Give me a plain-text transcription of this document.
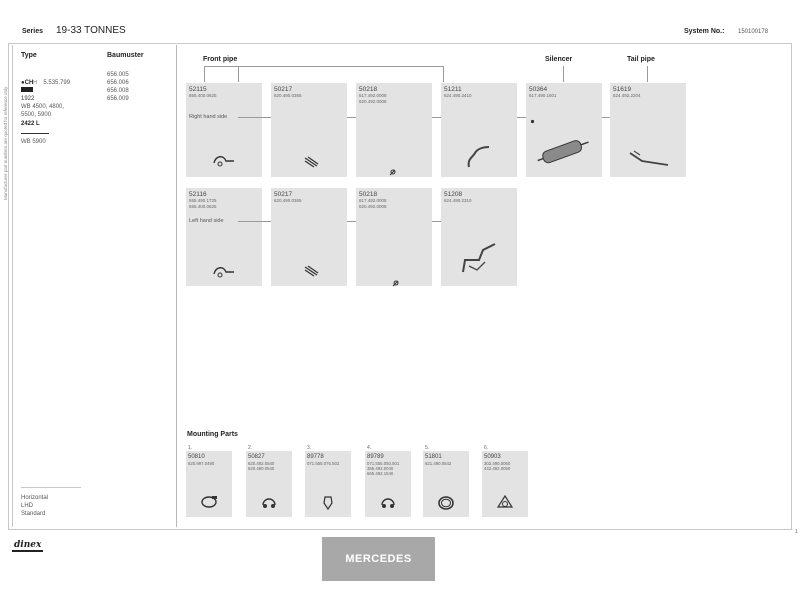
Series 19-33 TONNES	System No.: 150100178
Manufacturer part numbers are quoted for reference only
Type	Baumuster
●CHH 5.535.799
1922
WB 4500, 4800,
5500, 5900
2422 L
WB 5900
656.005
656.006
656.008
656.009
Horizontal
LHD
Standard
Front pipe	Silencer	Tail pipe
52115
655.400.0625
Right hand side
50217
620.490.0365
50218
617.492.0008
620.492.0008
51211
624.490.2410
50364
617.490.1601
51619
624.492.2204
52116
655.490.1725
655.400.0625
Left hand side
50217
620.490.0365
50218
617.492.0008
620.492.0008
51208
624.490.2310
Mounting Parts
1.
50810
620.997.0490
2.
50827
620.492.0540
620.490.0540
3.
89778
071.555.076.502
4.
89789
071.555.050.501
355.492.0040
665.492.1540
5.
51801
621.490.0642
6.
50903
302.490.0060
442.492.0050
dinex
MERCEDES
1
